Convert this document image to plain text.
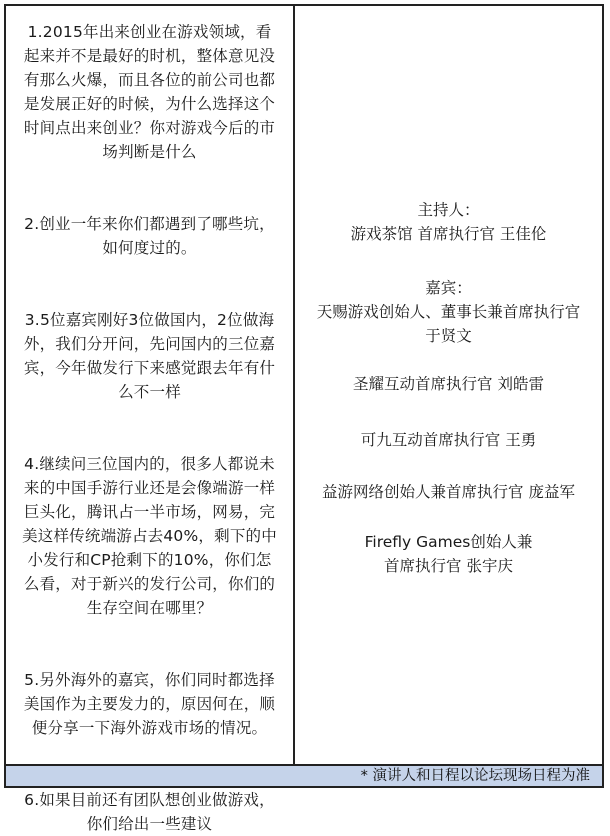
1.2015年出来创业在游戏领域，看
起来并不是最好的时机，整体意见没
有那么火爆，而且各位的前公司也都
是发展正好的时候，为什么选择这个
时间点出来创业？你对游戏今后的市
场判断是什么
2.创业一年来你们都遇到了哪些坑，
如何度过的。
3.5位嘉宾刚好3位做国内，2位做海
外，我们分开问，先问国内的三位嘉
宾，今年做发行下来感觉跟去年有什
么不一样
4.继续问三位国内的，很多人都说未
来的中国手游行业还是会像端游一样
巨头化，腾讯占一半市场，网易，完
美这样传统端游占去40%，剩下的中
小发行和CP抢剩下的10%，你们怎
么看，对于新兴的发行公司，你们的
生存空间在哪里？
5.另外海外的嘉宾，你们同时都选择
美国作为主要发力的，原因何在，顺
便分享一下海外游戏市场的情况。
6.如果目前还有团队想创业做游戏，
你们给出一些建议
主持人：
游戏茶馆 首席执行官 王佳伦
嘉宾：
天赐游戏创始人、董事长兼首席执行官
于贤文
圣耀互动首席执行官 刘皓雷
可九互动首席执行官 王勇
益游网络创始人兼首席执行官 庞益军
Firefly Games创始人兼
首席执行官 张宇庆
* 演讲人和日程以论坛现场日程为准
